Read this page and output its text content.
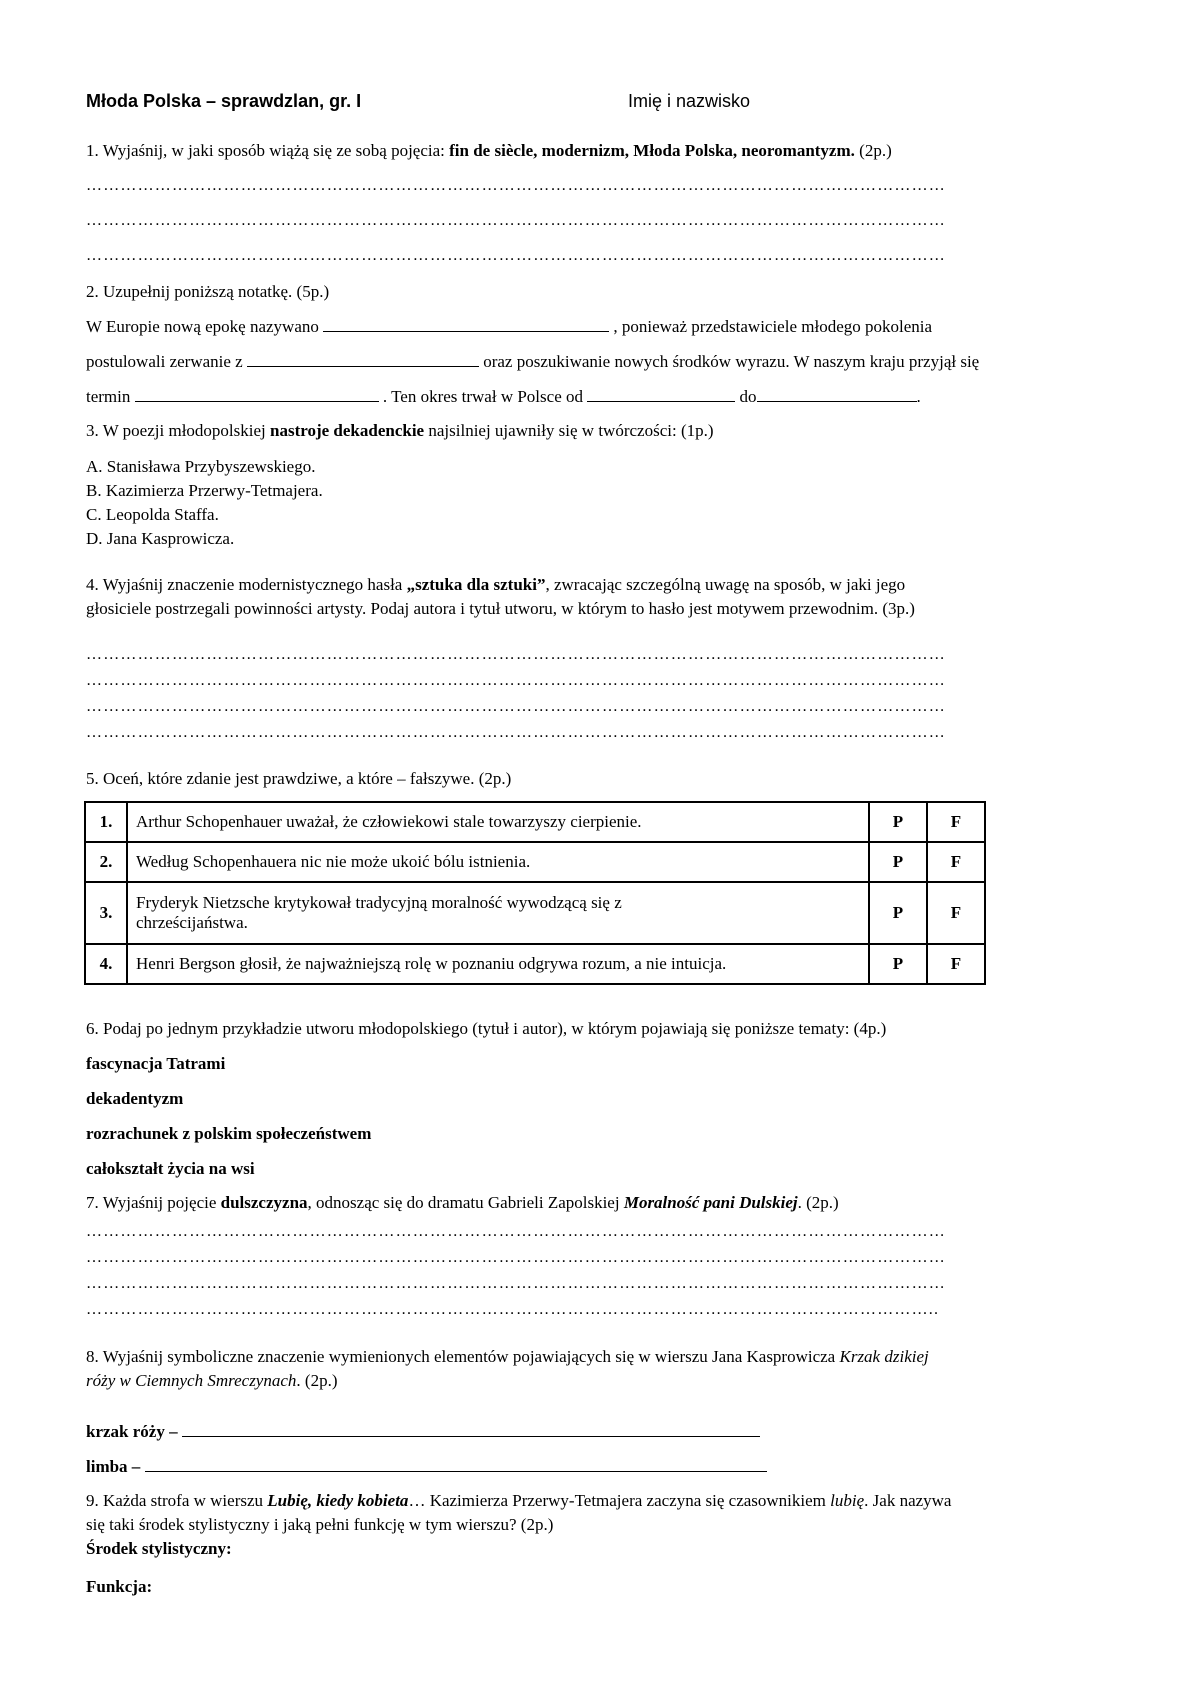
Młoda Polska – sprawdzlan, gr. I	Imię i nazwisko
1. Wyjaśnij, w jaki sposób wiążą się ze sobą pojęcia: fin de siècle, modernizm, Młoda Polska, neoromantyzm. (2p.)
……………………………………………………………………………………………………………………………………
……………………………………………………………………………………………………………………………………
……………………………………………………………………………………………………………………………………
2. Uzupełnij poniższą notatkę. (5p.)
W Europie nową epokę nazywano	, ponieważ przedstawiciele młodego pokolenia
postulowali zerwanie z	oraz poszukiwanie nowych środków wyrazu. W naszym kraju przyjął się
termin	. Ten okres trwał w Polsce od	do	.
3. W poezji młodopolskiej nastroje dekadenckie najsilniej ujawniły się w twórczości: (1p.)
A. Stanisława Przybyszewskiego.
B. Kazimierza Przerwy-Tetmajera.
C. Leopolda Staffa.
D. Jana Kasprowicza.
4. Wyjaśnij znaczenie modernistycznego hasła „sztuka dla sztuki”, zwracając szczególną uwagę na sposób, w jaki jego
głosiciele postrzegali powinności artysty. Podaj autora i tytuł utworu, w którym to hasło jest motywem przewodnim. (3p.)
……………………………………………………………………………………………………………………………………
……………………………………………………………………………………………………………………………………
……………………………………………………………………………………………………………………………………
……………………………………………………………………………………………………………………………………
5. Oceń, które zdanie jest prawdziwe, a które – fałszywe. (2p.)
1.	Arthur Schopenhauer uważał, że człowiekowi stale towarzyszy cierpienie.	P	F
2.	Według Schopenhauera nic nie może ukoić bólu istnienia.	P	F
3.	Fryderyk Nietzsche krytykował tradycyjną moralność wywodzącą się z chrześcijaństwa.	P	F
4.	Henri Bergson głosił, że najważniejszą rolę w poznaniu odgrywa rozum, a nie intuicja.	P	F
6. Podaj po jednym przykładzie utworu młodopolskiego (tytuł i autor), w którym pojawiają się poniższe tematy: (4p.)
fascynacja Tatrami
dekadentyzm
rozrachunek z polskim społeczeństwem
całokształt życia na wsi
7. Wyjaśnij pojęcie dulszczyzna, odnosząc się do dramatu Gabrieli Zapolskiej Moralność pani Dulskiej. (2p.)
……………………………………………………………………………………………………………………………………
……………………………………………………………………………………………………………………………………
……………………………………………………………………………………………………………………………………
…………………………………………………………………………………………………………………………………..
8. Wyjaśnij symboliczne znaczenie wymienionych elementów pojawiających się w wierszu Jana Kasprowicza Krzak dzikiej
róży w Ciemnych Smreczynach. (2p.)
krzak róży –
limba –
9. Każda strofa w wierszu Lubię, kiedy kobieta… Kazimierza Przerwy-Tetmajera zaczyna się czasownikiem lubię. Jak nazywa
się taki środek stylistyczny i jaką pełni funkcję w tym wierszu? (2p.)
Środek stylistyczny:
Funkcja:
